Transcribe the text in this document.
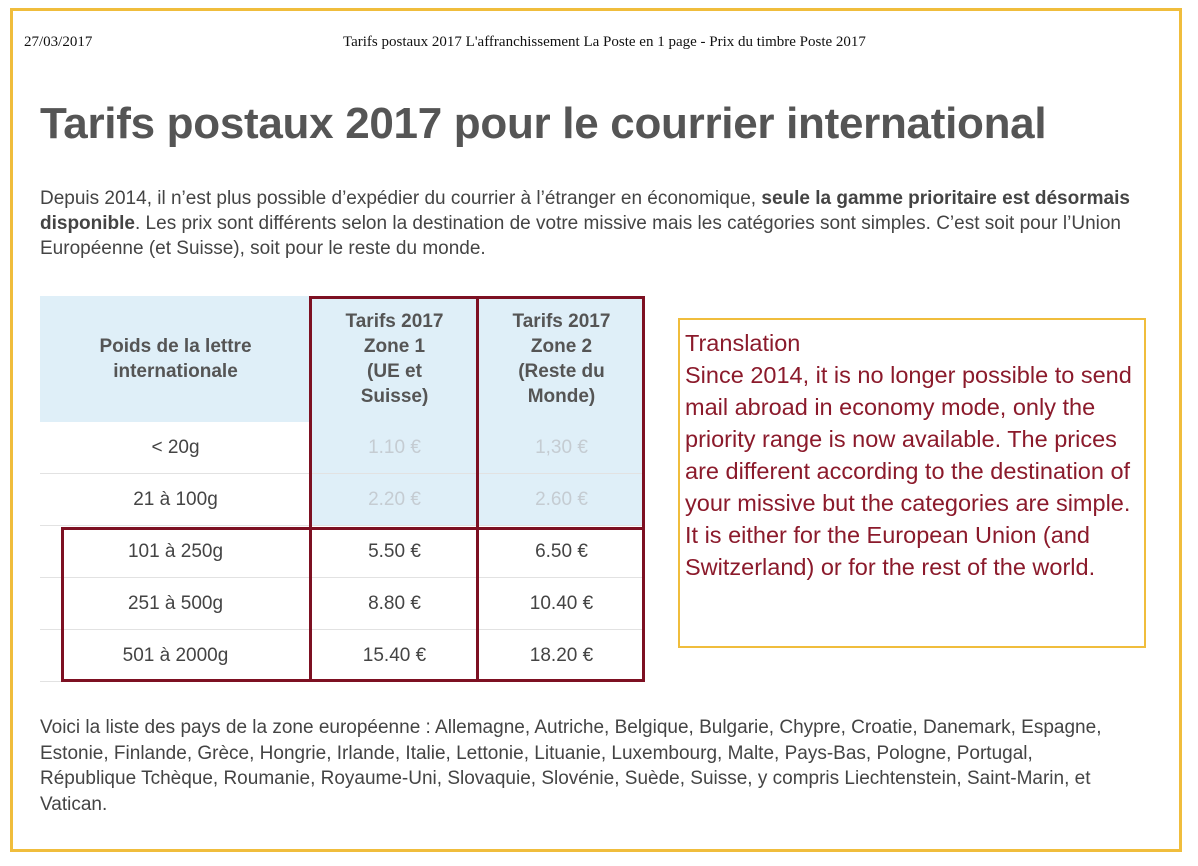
27/03/2017	Tarifs postaux 2017 L'affranchissement La Poste en 1 page - Prix du timbre Poste 2017
Tarifs postaux 2017 pour le courrier international

Depuis 2014, il n’est plus possible d’expédier du courrier à l’étranger en économique, seule la gamme prioritaire est désormais disponible. Les prix sont différents selon la destination de votre missive mais les catégories sont simples. C’est soit pour l’Union Européenne (et Suisse), soit pour le reste du monde.

Poids de la lettre
internationale	Tarifs 2017
Zone 1
(UE et
Suisse)	Tarifs 2017
Zone 2
(Reste du
Monde)

< 20g	1.10 €	1,30 €
21 à 100g	2.20 €	2.60 €
101 à 250g	5.50 €	6.50 €
251 à 500g	8.80 €	10.40 €
501 à 2000g	15.40 €	18.20 €

Translation

Since 2014, it is no longer possible to send mail abroad in economy mode, only the priority range is now available. The prices are different according to the destination of your missive but the categories are simple. It is either for the European Union (and Switzerland) or for the rest of the world.

Voici la liste des pays de la zone européenne : Allemagne, Autriche, Belgique, Bulgarie, Chypre, Croatie, Danemark, Espagne, Estonie, Finlande, Grèce, Hongrie, Irlande, Italie, Lettonie, Lituanie, Luxembourg, Malte, Pays-Bas, Pologne, Portugal, République Tchèque, Roumanie, Royaume-Uni, Slovaquie, Slovénie, Suède, Suisse, y compris Liechtenstein, Saint-Marin, et Vatican.
